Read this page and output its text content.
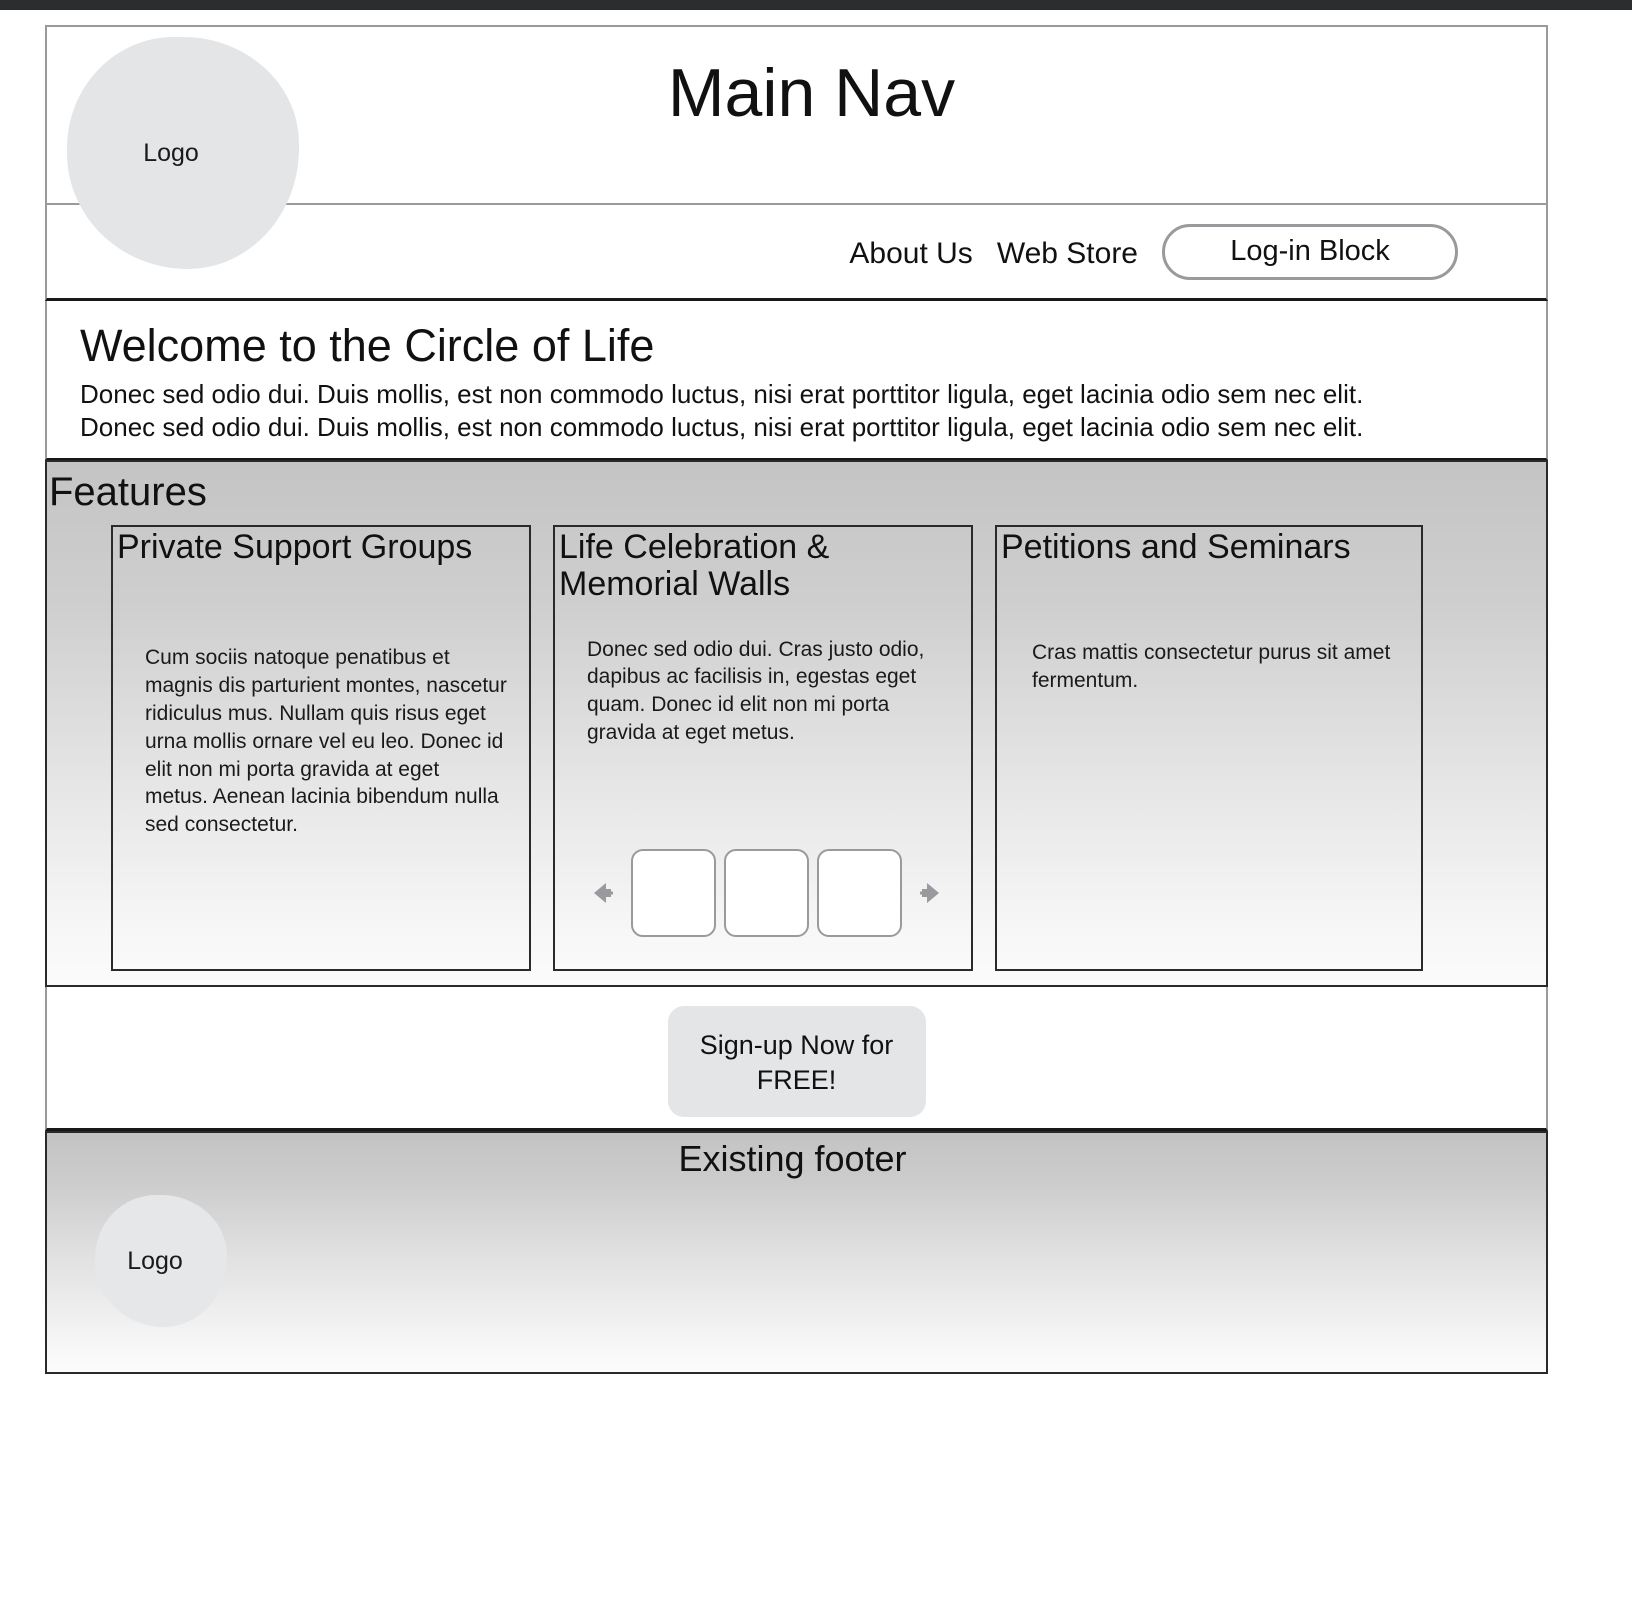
Main Nav
Logo
About Us Web Store	Log-in Block
Welcome to the Circle of Life
Donec sed odio dui. Duis mollis, est non commodo luctus, nisi erat porttitor ligula, eget lacinia odio sem nec elit.
Donec sed odio dui. Duis mollis, est non commodo luctus, nisi erat porttitor ligula, eget lacinia odio sem nec elit.
Features
Private Support Groups
Cum sociis natoque penatibus et magnis dis parturient montes, nascetur ridiculus mus. Nullam quis risus eget urna mollis ornare vel eu leo. Donec id elit non mi porta gravida at eget metus. Aenean lacinia bibendum nulla sed consectetur.
Life Celebration & Memorial Walls
Donec sed odio dui. Cras justo odio, dapibus ac facilisis in, egestas eget quam. Donec id elit non mi porta gravida at eget metus.
Petitions and Seminars
Cras mattis consectetur purus sit amet fermentum.
Sign-up Now for FREE!
Existing footer
Logo
